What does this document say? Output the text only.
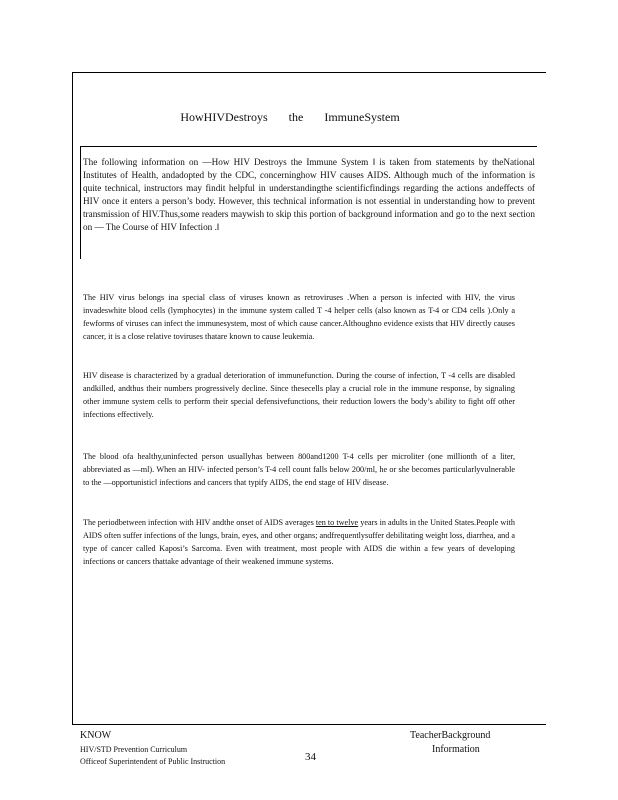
HowHIVDestroys the ImmuneSystem

The following information on —How HIV Destroys the Immune System ‖ is taken from statements by theNational Institutes of Health, andadopted by the CDC, concerninghow HIV causes AIDS. Although much of the information is quite technical, instructors may findit helpful in understandingthe scientificfindings regarding the actions andeffects of HIV once it enters a person’s body. However, this technical information is not essential in understanding how to prevent transmission of HIV.Thus,some readers maywish to skip this portion of background information and go to the next section on — The Course of HIV Infection .‖

The HIV virus belongs ina special class of viruses known as retroviruses .When a person is infected with HIV, the virus invadeswhite blood cells (lymphocytes) in the immune system called T -4 helper cells (also known as T-4 or CD4 cells ).Only a fewforms of viruses can infect the immunesystem, most of which cause cancer.Althoughno evidence exists that HIV directly causes cancer, it is a close relative toviruses thatare known to cause leukemia.

HIV disease is characterized by a gradual deterioration of immunefunction. During the course of infection, T -4 cells are disabled andkilled, andthus their numbers progressively decline. Since thesecells play a crucial role in the immune response, by signaling other immune system cells to perform their special defensivefunctions, their reduction lowers the body’s ability to fight off other infections effectively.

The blood ofa healthy,uninfected person usuallyhas between 800and1200 T-4 cells per microliter (one millionth of a liter, abbreviated as —ml). When an HIV- infected person’s T-4 cell count falls below 200/ml, he or she becomes particularlyvulnerable to the —opportunistic‖ infections and cancers that typify AIDS, the end stage of HIV disease.

The periodbetween infection with HIV andthe onset of AIDS averages ten to twelve years in adults in the United States.People with AIDS often suffer infections of the lungs, brain, eyes, and other organs; andfrequentlysuffer debilitating weight loss, diarrhea, and a type of cancer called Kaposi’s Sarcoma. Even with treatment, most people with AIDS die within a few years of developing infections or cancers thattake advantage of their weakened immune systems.

KNOW
HIV/STD Prevention Curriculum
Officeof Superintendent of Public Instruction	34
TeacherBackground
Information
